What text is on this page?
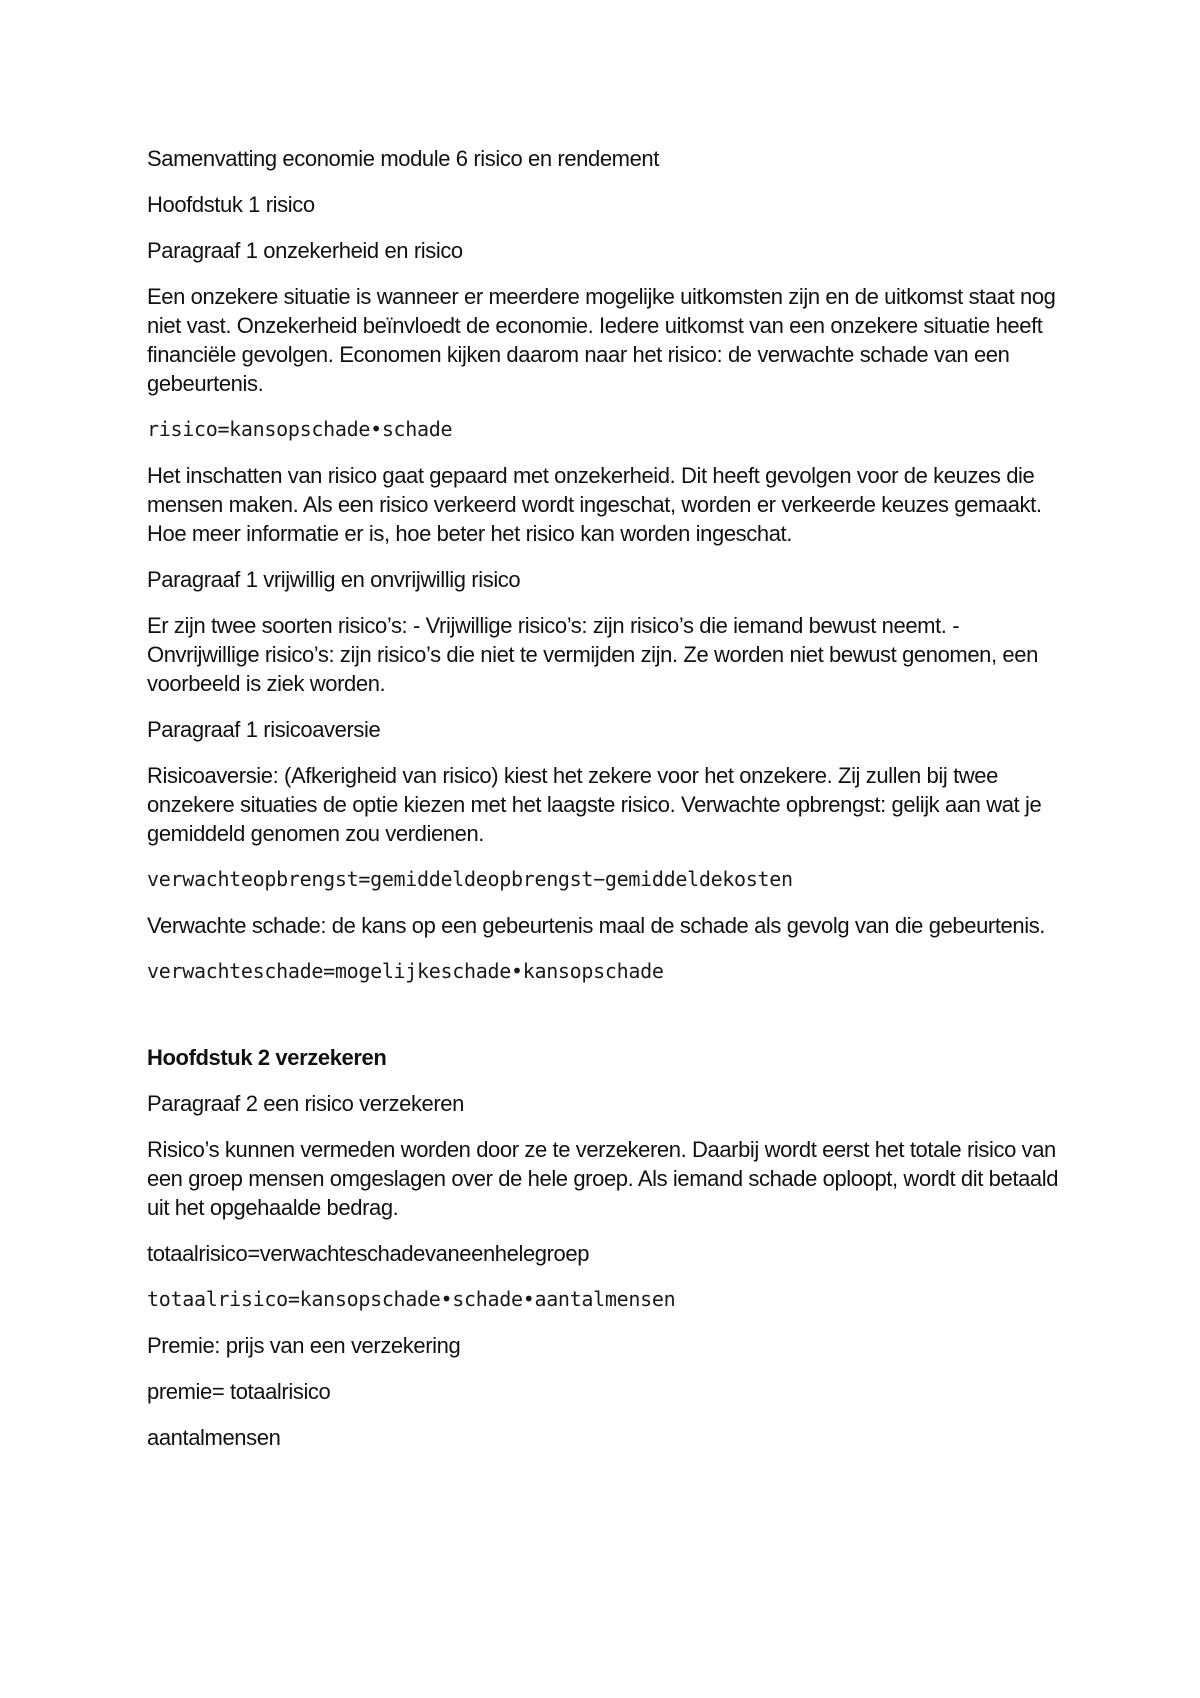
Samenvatting economie module 6 risico en rendement

Hoofdstuk 1 risico

Paragraaf 1 onzekerheid en risico

Een onzekere situatie is wanneer er meerdere mogelijke uitkomsten zijn en de uitkomst staat nog niet vast. Onzekerheid beïnvloedt de economie. Iedere uitkomst van een onzekere situatie heeft financiële gevolgen. Economen kijken daarom naar het risico: de verwachte schade van een gebeurtenis.

risico=kansopschade•schade

Het inschatten van risico gaat gepaard met onzekerheid. Dit heeft gevolgen voor de keuzes die mensen maken. Als een risico verkeerd wordt ingeschat, worden er verkeerde keuzes gemaakt. Hoe meer informatie er is, hoe beter het risico kan worden ingeschat.

Paragraaf 1 vrijwillig en onvrijwillig risico

Er zijn twee soorten risico’s: - Vrijwillige risico’s: zijn risico’s die iemand bewust neemt. - Onvrijwillige risico’s: zijn risico’s die niet te vermijden zijn. Ze worden niet bewust genomen, een voorbeeld is ziek worden.

Paragraaf 1 risicoaversie

Risicoaversie: (Afkerigheid van risico) kiest het zekere voor het onzekere. Zij zullen bij twee onzekere situaties de optie kiezen met het laagste risico. Verwachte opbrengst: gelijk aan wat je gemiddeld genomen zou verdienen.

verwachteopbrengst=gemiddeldeopbrengst−gemiddeldekosten

Verwachte schade: de kans op een gebeurtenis maal de schade als gevolg van die gebeurtenis.

verwachteschade=mogelijkeschade•kansopschade

Hoofdstuk 2 verzekeren

Paragraaf 2 een risico verzekeren

Risico’s kunnen vermeden worden door ze te verzekeren. Daarbij wordt eerst het totale risico van een groep mensen omgeslagen over de hele groep. Als iemand schade oploopt, wordt dit betaald uit het opgehaalde bedrag.

totaalrisico=verwachteschadevaneenhelegroep

totaalrisico=kansopschade•schade•aantalmensen

Premie: prijs van een verzekering

premie= totaalrisico

aantalmensen
